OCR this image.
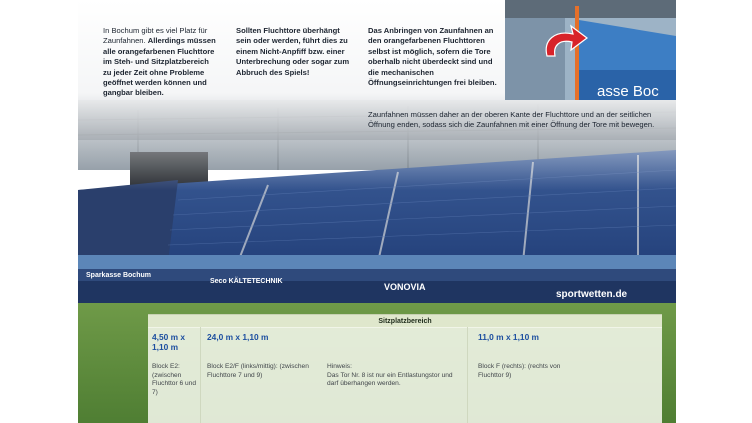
In Bochum gibt es viel Platz für Zaunfahnen. Allerdings müssen alle orangefarbenen Fluchttore im Steh- und Sitzplatzbereich zu jeder Zeit ohne Probleme geöffnet werden können und gangbar bleiben.
Sollten Fluchttore überhängt sein oder werden, führt dies zu einem Nicht-Anpfiff bzw. einer Unterbrechung oder sogar zum Abbruch des Spiels!
Das Anbringen von Zaunfahnen an den orangefarbenen Fluchttoren selbst ist möglich, sofern die Tore oberhalb nicht überdeckt sind und die mechanischen Öffnungseinrichtungen frei bleiben.
Zaunfahnen müssen daher an der oberen Kante der Fluchttore und an der seitlichen Öffnung enden, sodass sich die Zaunfahnen mit einer Öffnung der Tore mit bewegen.
asse Boc
Sitzplatzbereich
4,50 m x 1,10 m
Block E2: (zwischen Fluchttor 6 und 7)
24,0 m x 1,10 m
Block E2/F (links/mittig): (zwischen Fluchttore 7 und 9)
Hinweis:
Das Tor Nr. 8 ist nur ein Entlastungstor und darf überhangen werden.
11,0 m x 1,10 m
Block F (rechts): (rechts von Fluchttor 9)
